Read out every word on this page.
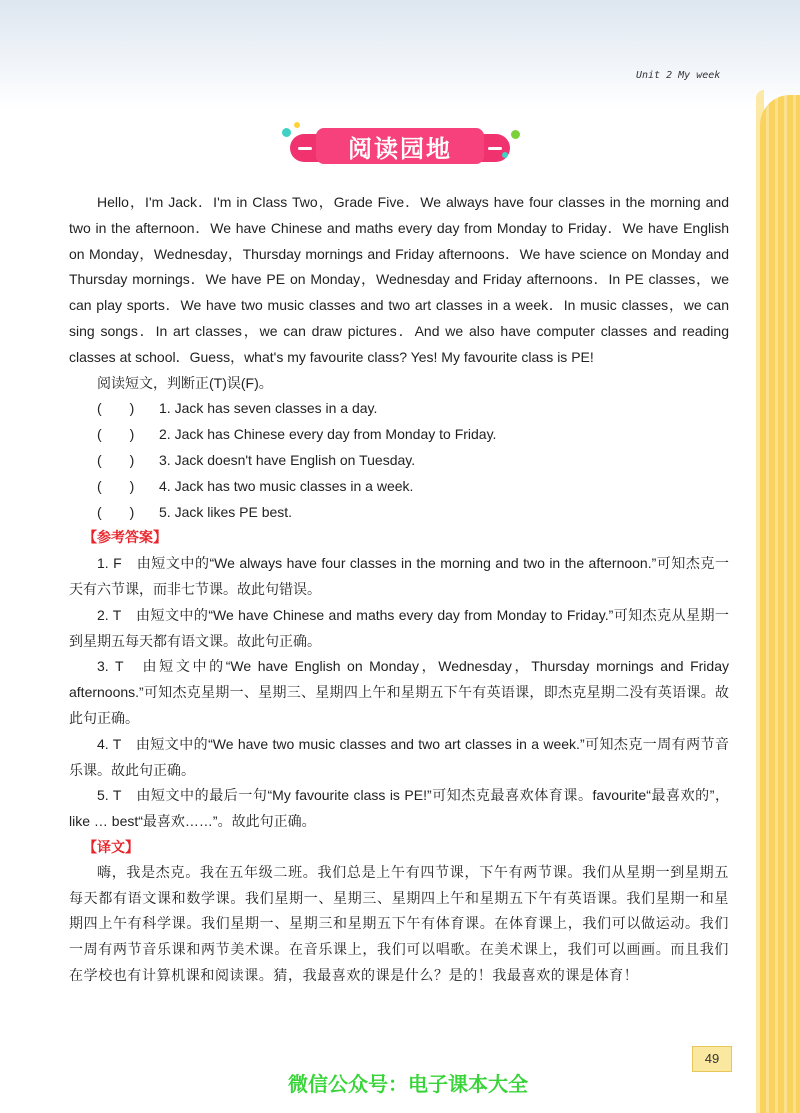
Unit 2 My week
阅读园地

Hello，I'm Jack．I'm in Class Two，Grade Five．We always have four classes in the morning and two in the afternoon．We have Chinese and maths every day from Monday to Friday．We have English on Monday，Wednesday，Thursday mornings and Friday afternoons．We have science on Monday and Thursday mornings．We have PE on Monday，Wednesday and Friday afternoons．In PE classes，we can play sports．We have two music classes and two art classes in a week．In music classes，we can sing songs．In art classes，we can draw pictures．And we also have computer classes and reading classes at school．Guess，what's my favourite class? Yes! My favourite class is PE!

阅读短文，判断正(T)误(F)。

(　　) 1. Jack has seven classes in a day.

(　　) 2. Jack has Chinese every day from Monday to Friday.

(　　) 3. Jack doesn't have English on Tuesday.

(　　) 4. Jack has two music classes in a week.

(　　) 5. Jack likes PE best.

【参考答案】

1. F　由短文中的“We always have four classes in the morning and two in the afternoon.”可知杰克一天有六节课，而非七节课。故此句错误。

2. T　由短文中的“We have Chinese and maths every day from Monday to Friday.”可知杰克从星期一到星期五每天都有语文课。故此句正确。

3. T　由短文中的“We have English on Monday，Wednesday，Thursday mornings and Friday afternoons.”可知杰克星期一、星期三、星期四上午和星期五下午有英语课，即杰克星期二没有英语课。故此句正确。

4. T　由短文中的“We have two music classes and two art classes in a week.”可知杰克一周有两节音乐课。故此句正确。

5. T　由短文中的最后一句“My favourite class is PE!”可知杰克最喜欢体育课。favourite“最喜欢的”，like … best“最喜欢……”。故此句正确。

【译文】

嗨，我是杰克。我在五年级二班。我们总是上午有四节课，下午有两节课。我们从星期一到星期五每天都有语文课和数学课。我们星期一、星期三、星期四上午和星期五下午有英语课。我们星期一和星期四上午有科学课。我们星期一、星期三和星期五下午有体育课。在体育课上，我们可以做运动。我们一周有两节音乐课和两节美术课。在音乐课上，我们可以唱歌。在美术课上，我们可以画画。而且我们在学校也有计算机课和阅读课。猜，我最喜欢的课是什么？是的！我最喜欢的课是体育！

49
微信公众号：电子课本大全
